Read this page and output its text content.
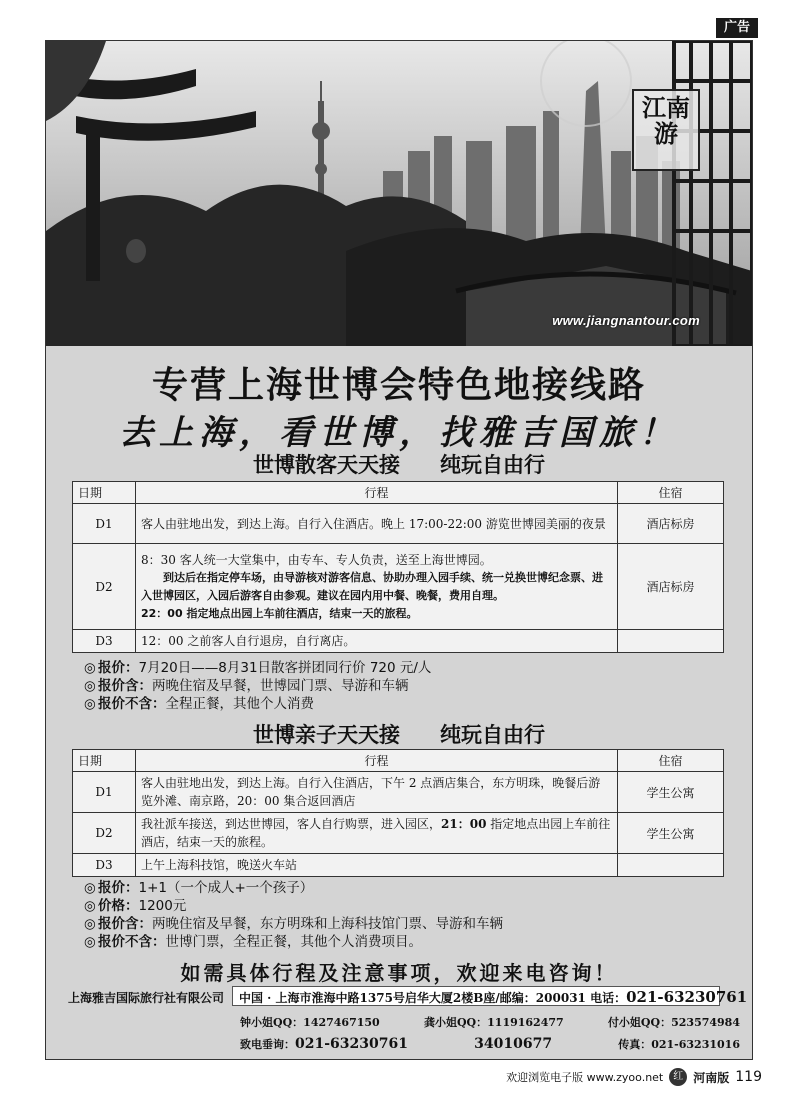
广告
江南游
www.jiangnantour.com
专营上海世博会特色地接线路
去上海，看世博，找雅吉国旅！
世博散客天天接 纯玩自由行
日期	行程	住宿
D1	客人由驻地出发，到达上海。自行入住酒店。晚上 17:00-22:00 游览世博园美丽的夜景	酒店标房
D2	8：30 客人统一大堂集中，由专车、专人负责，送至上海世博园。
到达后在指定停车场，由导游核对游客信息、协助办理入园手续、统一兑换世博纪念票、进入世博园区，入园后游客自由参观。建议在园内用中餐、晚餐，费用自理。
22：00 指定地点出园上车前往酒店，结束一天的旅程。	酒店标房
D3	12：00 之前客人自行退房，自行离店。	
◎ 报价：7月20日——8月31日散客拼团同行价 720 元/人
◎ 报价含：两晚住宿及早餐，世博园门票、导游和车辆
◎ 报价不含：全程正餐，其他个人消费
世博亲子天天接 纯玩自由行
日期	行程	住宿
D1	客人由驻地出发，到达上海。自行入住酒店，下午 2 点酒店集合，东方明珠，晚餐后游览外滩、南京路，20：00 集合返回酒店	学生公寓
D2	我社派车接送，到达世博园，客人自行购票，进入园区，21：00 指定地点出园上车前往酒店，结束一天的旅程。	学生公寓
D3	上午上海科技馆，晚送火车站	
◎ 报价：1+1（一个成人+一个孩子）
◎ 价格：1200元
◎ 报价含：两晚住宿及早餐，东方明珠和上海科技馆门票、导游和车辆
◎ 报价不含：世博门票，全程正餐，其他个人消费项目。
如需具体行程及注意事项，欢迎来电咨询！
上海雅吉国际旅行社有限公司	中国 · 上海市淮海中路1375号启华大厦2楼B座/邮编：200031 电话：021-63230761
钟小姐QQ：1427467150	龚小姐QQ：1119162477	付小姐QQ：523574984
致电垂询：021-63230761	34010677	传真：021-63231016
欢迎浏览电子版 www.zyoo.net	红 河南版 119
